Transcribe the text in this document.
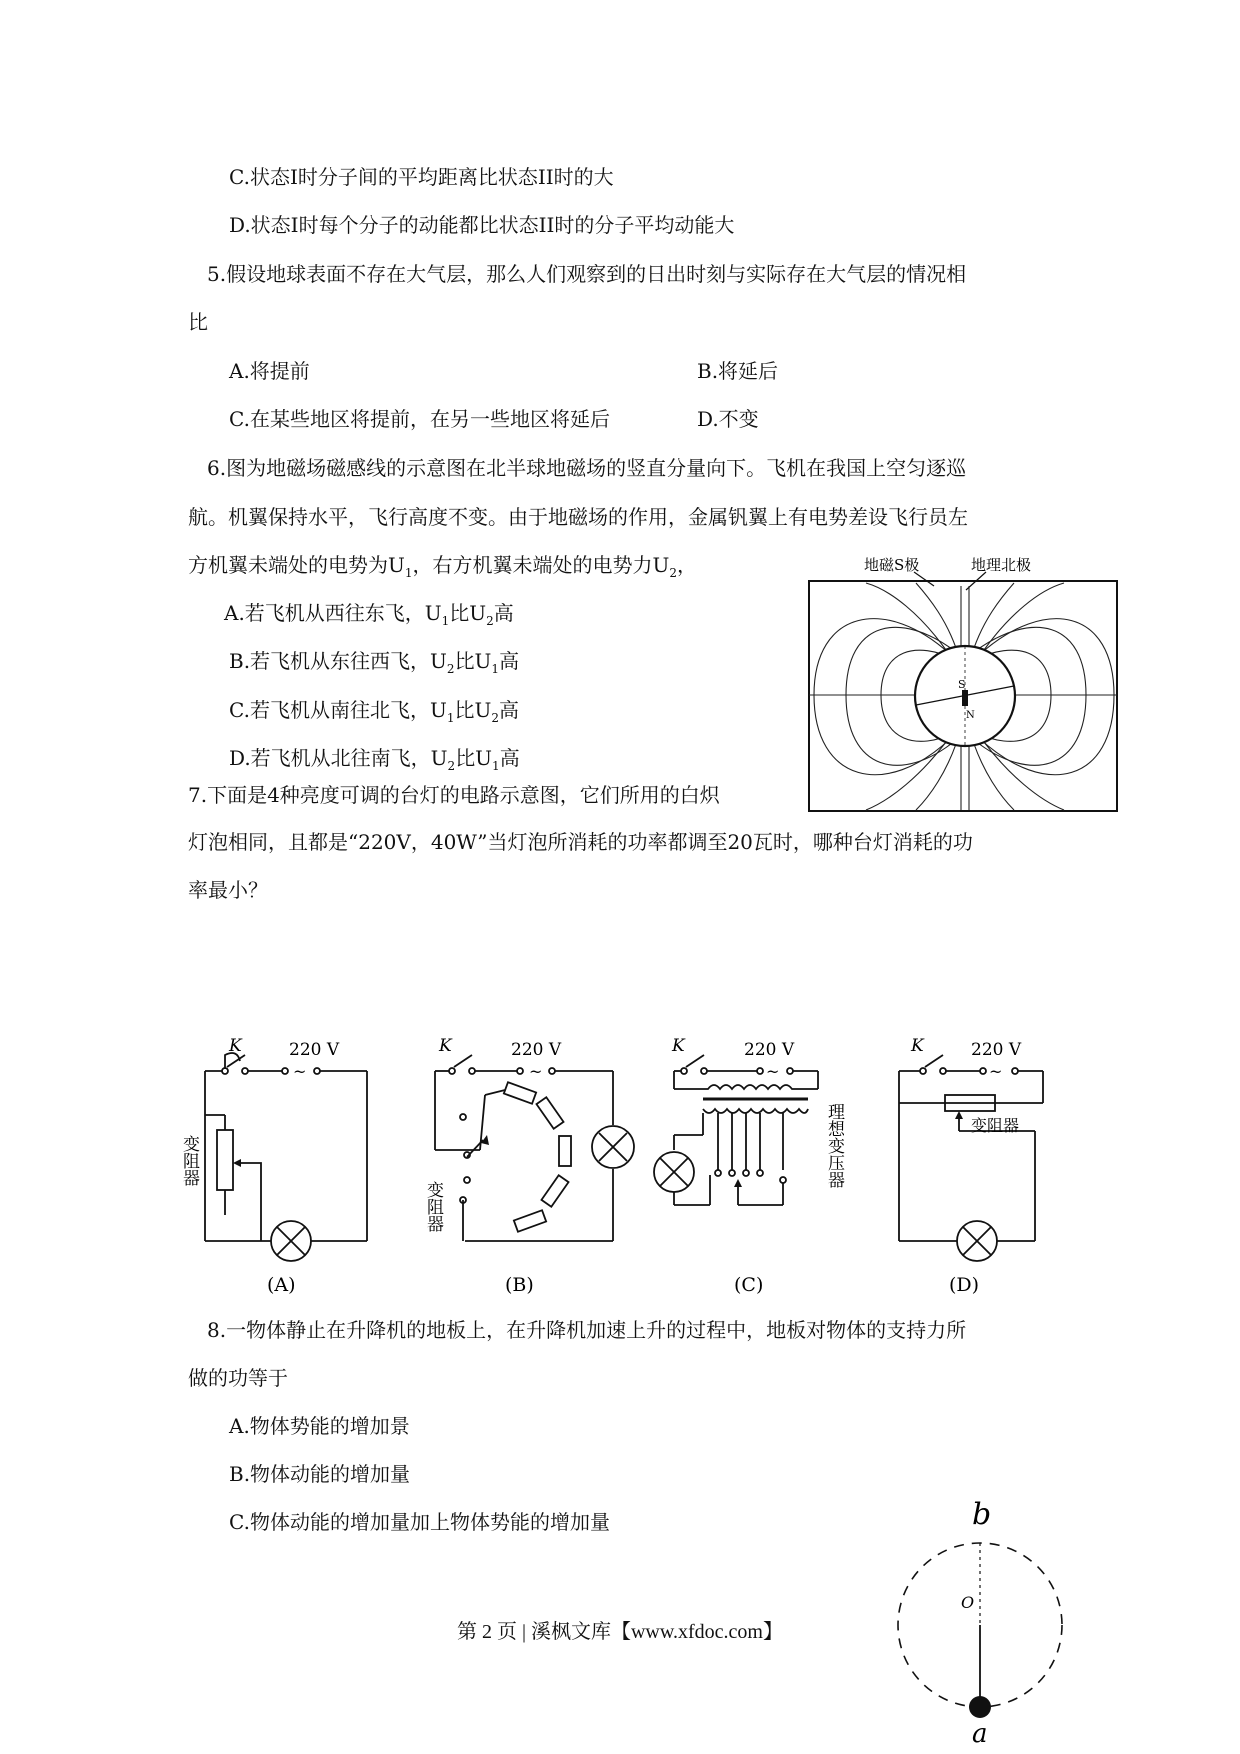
C.状态I时分子间的平均距离比状态II时的大
D.状态I时每个分子的动能都比状态II时的分子平均动能大
5.假设地球表面不存在大气层，那么人们观察到的日出时刻与实际存在大气层的情况相
比
A.将提前	B.将延后
C.在某些地区将提前，在另一些地区将延后	D.不变
6.图为地磁场磁感线的示意图在北半球地磁场的竖直分量向下。飞机在我国上空匀逐巡
航。机翼保持水平，飞行高度不变。由于地磁场的作用，金属钒翼上有电势差设飞行员左
方机翼未端处的电势为$U_1$，右方机翼未端处的电势力$U_2$，
A.若飞机从西往东飞，$U_1$比$U_2$高
B.若飞机从东往西飞，$U_2$比$U_1$高
C.若飞机从南往北飞，$U_1$比$U_2$高
D.若飞机从北往南飞，$U_2$比$U_1$高
地磁S极	地理北极
S
N
7.下面是4种亮度可调的台灯的电路示意图，它们所用的白炽
灯泡相同，且都是“220V，40W”当灯泡所消耗的功率都调至20瓦时，哪种台灯消耗的功
率最小？
K	220 V
~
变阻器
(A)
K	220 V
~
变阻器
(B)
K	220 V
~
理想变压器
(C)
K	220 V
~
变阻器
(D)
8.一物体静止在升降机的地板上，在升降机加速上升的过程中，地板对物体的支持力所
做的功等于
A.物体势能的增加景
B.物体动能的增加量
C.物体动能的增加量加上物体势能的增加量	b
O
a
第 2 页 | 溪枫文库【www.xfdoc.com】
